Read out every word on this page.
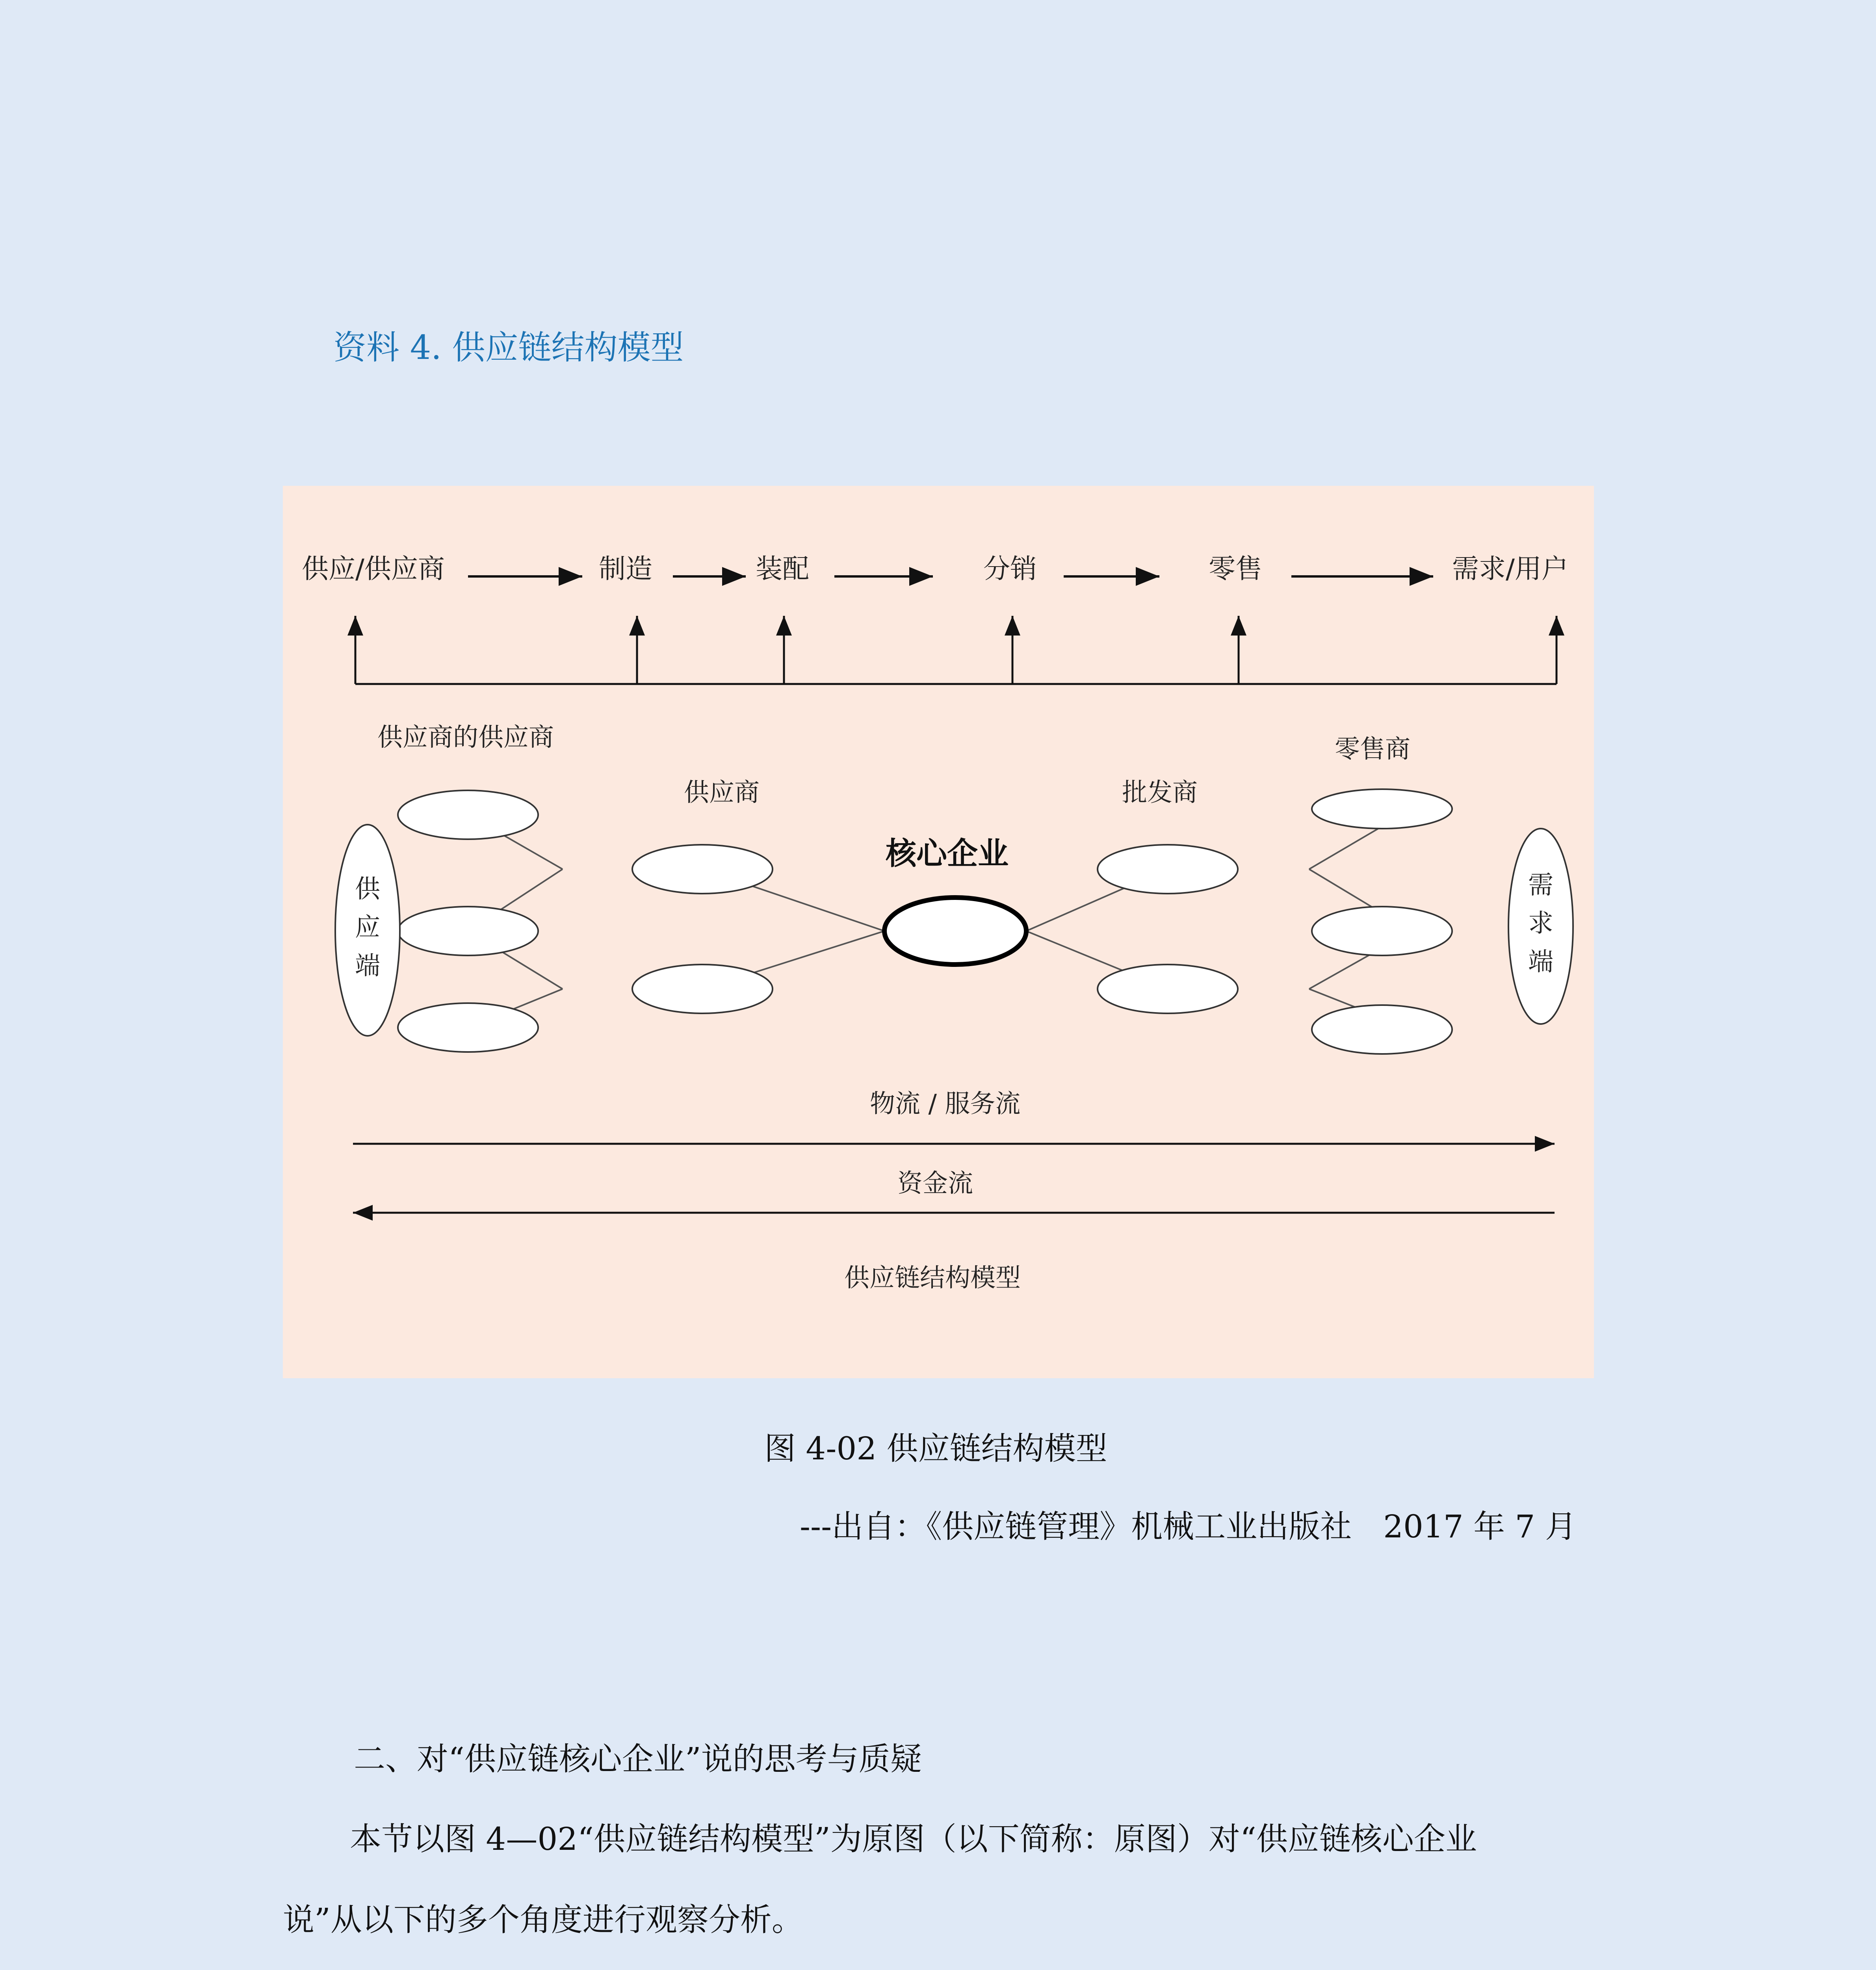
资料 4. 供应链结构模型
供应/供应商	制造	装配	分销	零售	需求/用户
供应商的供应商
供应商
核心企业
批发商
零售商
供
应
端
需
求
端
物流 / 服务流
资金流
供应链结构模型
图 4-02 供应链结构模型
---出自：《供应链管理》机械工业出版社　2017 年 7 月
二、对“供应链核心企业”说的思考与质疑
本节以图 4—02“供应链结构模型”为原图（以下简称：原图）对“供应链核心企业
说”从以下的多个角度进行观察分析。
